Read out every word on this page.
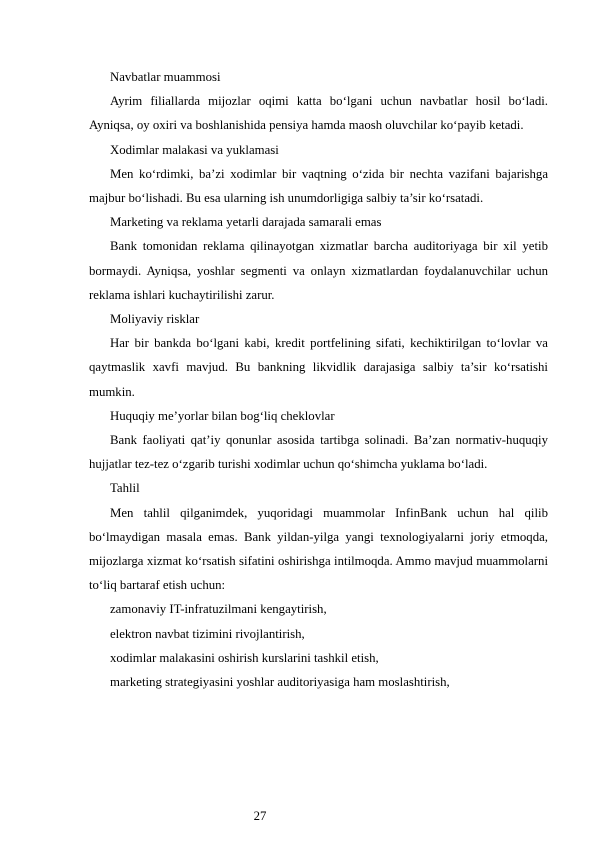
Navbatlar muammosi

Ayrim filiallarda mijozlar oqimi katta bo‘lgani uchun navbatlar hosil bo‘ladi. Ayniqsa, oy oxiri va boshlanishida pensiya hamda maosh oluvchilar ko‘payib ketadi.

Xodimlar malakasi va yuklamasi

Men ko‘rdimki, ba’zi xodimlar bir vaqtning o‘zida bir nechta vazifani bajarishga majbur bo‘lishadi. Bu esa ularning ish unumdorligiga salbiy ta’sir ko‘rsatadi.

Marketing va reklama yetarli darajada samarali emas

Bank tomonidan reklama qilinayotgan xizmatlar barcha auditoriyaga bir xil yetib bormaydi. Ayniqsa, yoshlar segmenti va onlayn xizmatlardan foydalanuvchilar uchun reklama ishlari kuchaytirilishi zarur.

Moliyaviy risklar

Har bir bankda bo‘lgani kabi, kredit portfelining sifati, kechiktirilgan to‘lovlar va qaytmaslik xavfi mavjud. Bu bankning likvidlik darajasiga salbiy ta’sir ko‘rsatishi mumkin.

Huquqiy me’yorlar bilan bog‘liq cheklovlar

Bank faoliyati qat’iy qonunlar asosida tartibga solinadi. Ba’zan normativ-huquqiy hujjatlar tez-tez o‘zgarib turishi xodimlar uchun qo‘shimcha yuklama bo‘ladi.

Tahlil

Men tahlil qilganimdek, yuqoridagi muammolar InfinBank uchun hal qilib bo‘lmaydigan masala emas. Bank yildan-yilga yangi texnologiyalarni joriy etmoqda, mijozlarga xizmat ko‘rsatish sifatini oshirishga intilmoqda. Ammo mavjud muammolarni to‘liq bartaraf etish uchun:

zamonaviy IT-infratuzilmani kengaytirish,

elektron navbat tizimini rivojlantirish,

xodimlar malakasini oshirish kurslarini tashkil etish,

marketing strategiyasini yoshlar auditoriyasiga ham moslashtirish,

27
